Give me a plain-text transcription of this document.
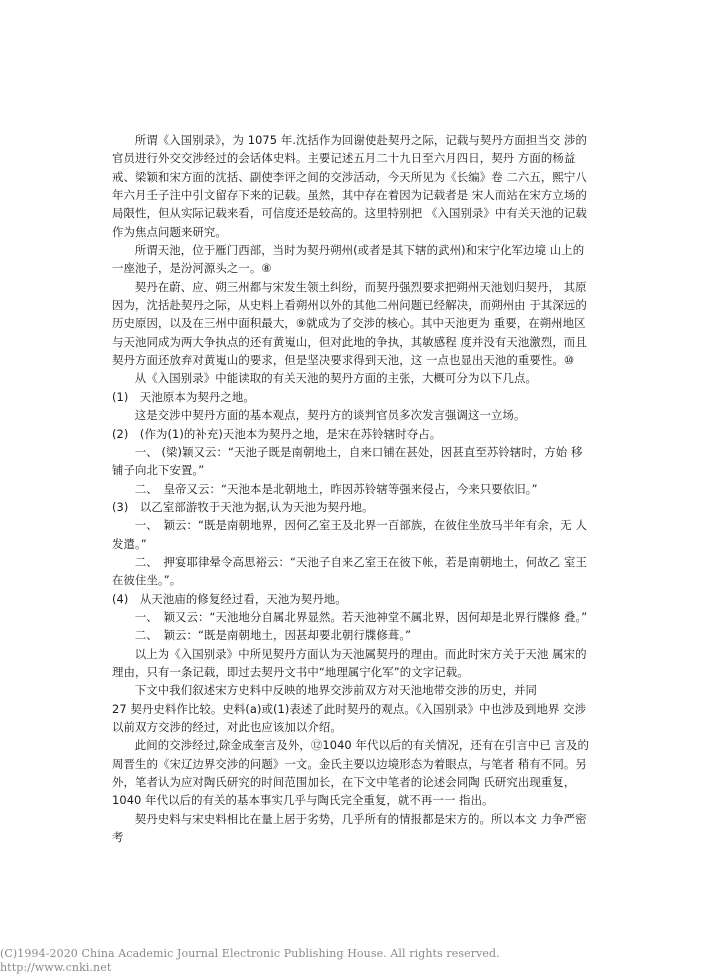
所谓《入国别录》，为 1075 年.沈括作为回谢使赴契丹之际，记载与契丹方面担当交 涉的官员进行外交交涉经过的会话体史料。主要记述五月二十九日至六月四日，契丹 方面的杨益戒、梁颖和宋方面的沈括、副使李评之间的交涉活动，今天所见为《长编》卷 二六五，熙宁八年六月壬子注中引文留存下来的记载。虽然，其中存在着因为记载者是 宋人而站在宋方立场的局限性，但从实际记载来看，可信度还是较高的。这里特别把 《入国别录》中有关天池的记载作为焦点问题来研究。

所谓天池，位于雁门西部，当时为契丹朔州(或者是其下辖的武州)和宋宁化军边境 山上的一座池子，是汾河源头之一。⑧

契丹在蔚、应、朔三州都与宋发生领土纠纷，而契丹强烈要求把朔州天池划归契丹， 其原因为，沈括赴契丹之际，从史料上看朔州以外的其他二州问题已经解决，而朔州由 于其深远的历史原因，以及在三州中面积最大，⑨就成为了交涉的核心。其中天池更为 重要，在朔州地区与天池同成为两大争执点的还有黄嵬山，但对此地的争执，其敏感程 度并没有天池激烈，而且契丹方面还放弃对黄嵬山的要求，但是坚决要求得到天池，这 一点也显出天池的重要性。⑩

从《入国别录》中能读取的有关天池的契丹方面的主张，大概可分为以下几点。

(1)　天池原本为契丹之地。

这是交涉中契丹方面的基本观点，契丹方的谈判官员多次发言强调这一立场。

(2)　(作为(1)的补充)天池本为契丹之地，是宋在苏铃辖时夺占。

一、 (梁)颖又云：“天池子既是南朝地土，自来口铺在甚处，因甚直至苏铃辖时，方始 移铺子向北下安置。”

二、　皇帝又云：“天池本是北朝地土，昨因苏铃辖等强来侵占，今来只要依旧。”

(3)　以乙室部游牧于天池为据,认为天池为契丹地。

一、　颖云：“既是南朝地界，因何乙室王及北界一百部族，在彼住坐放马半年有余，无 人发遣。”

二、　押宴耶律晕令高思裕云：“天池子自来乙室王在彼下帐，若是南朝地土，何故乙 室王在彼住坐。”。

(4)　从天池庙的修复经过看，天池为契丹地。

一、　颖又云：“天池地分自属北界显然。若天池神堂不属北界，因何却是北界行牒修 叠。”

二、　颖云：“既是南朝地土，因甚却要北朝行牒修葺。”

以上为《入国别录》中所见契丹方面认为天池属契丹的理由。而此时宋方关于天池 属宋的理由，只有一条记载，即过去契丹文书中“地理属宁化军”的文字记载。

下文中我们叙述宋方史料中反映的地界交涉前双方对天池地带交涉的历史，并同

27 契丹史料作比较。史料(a)或(1)表述了此时契丹的观点。《入国别录》中也涉及到地界 交涉以前双方交涉的经过，对此也应该加以介绍。

此间的交涉经过,除金成奎言及外，⑫1040 年代以后的有关情况，还有在引言中已 言及的周晋生的《宋辽边界交涉的问题》一文。金氏主要以边境形态为着眼点，与笔者 稍有不同。另外，笔者认为应对陶氏研究的时间范围加长，在下文中笔者的论述会同陶 氏研究出现重复，1040 年代以后的有关的基本事实几乎与陶氏完全重复，就不再一一 指出。

契丹史料与宋史料相比在量上居于劣势，几乎所有的情报都是宋方的。所以本文 力争严密考

(C)1994-2020 China Academic Journal Electronic Publishing House. All rights reserved.
http://www.cnki.net
